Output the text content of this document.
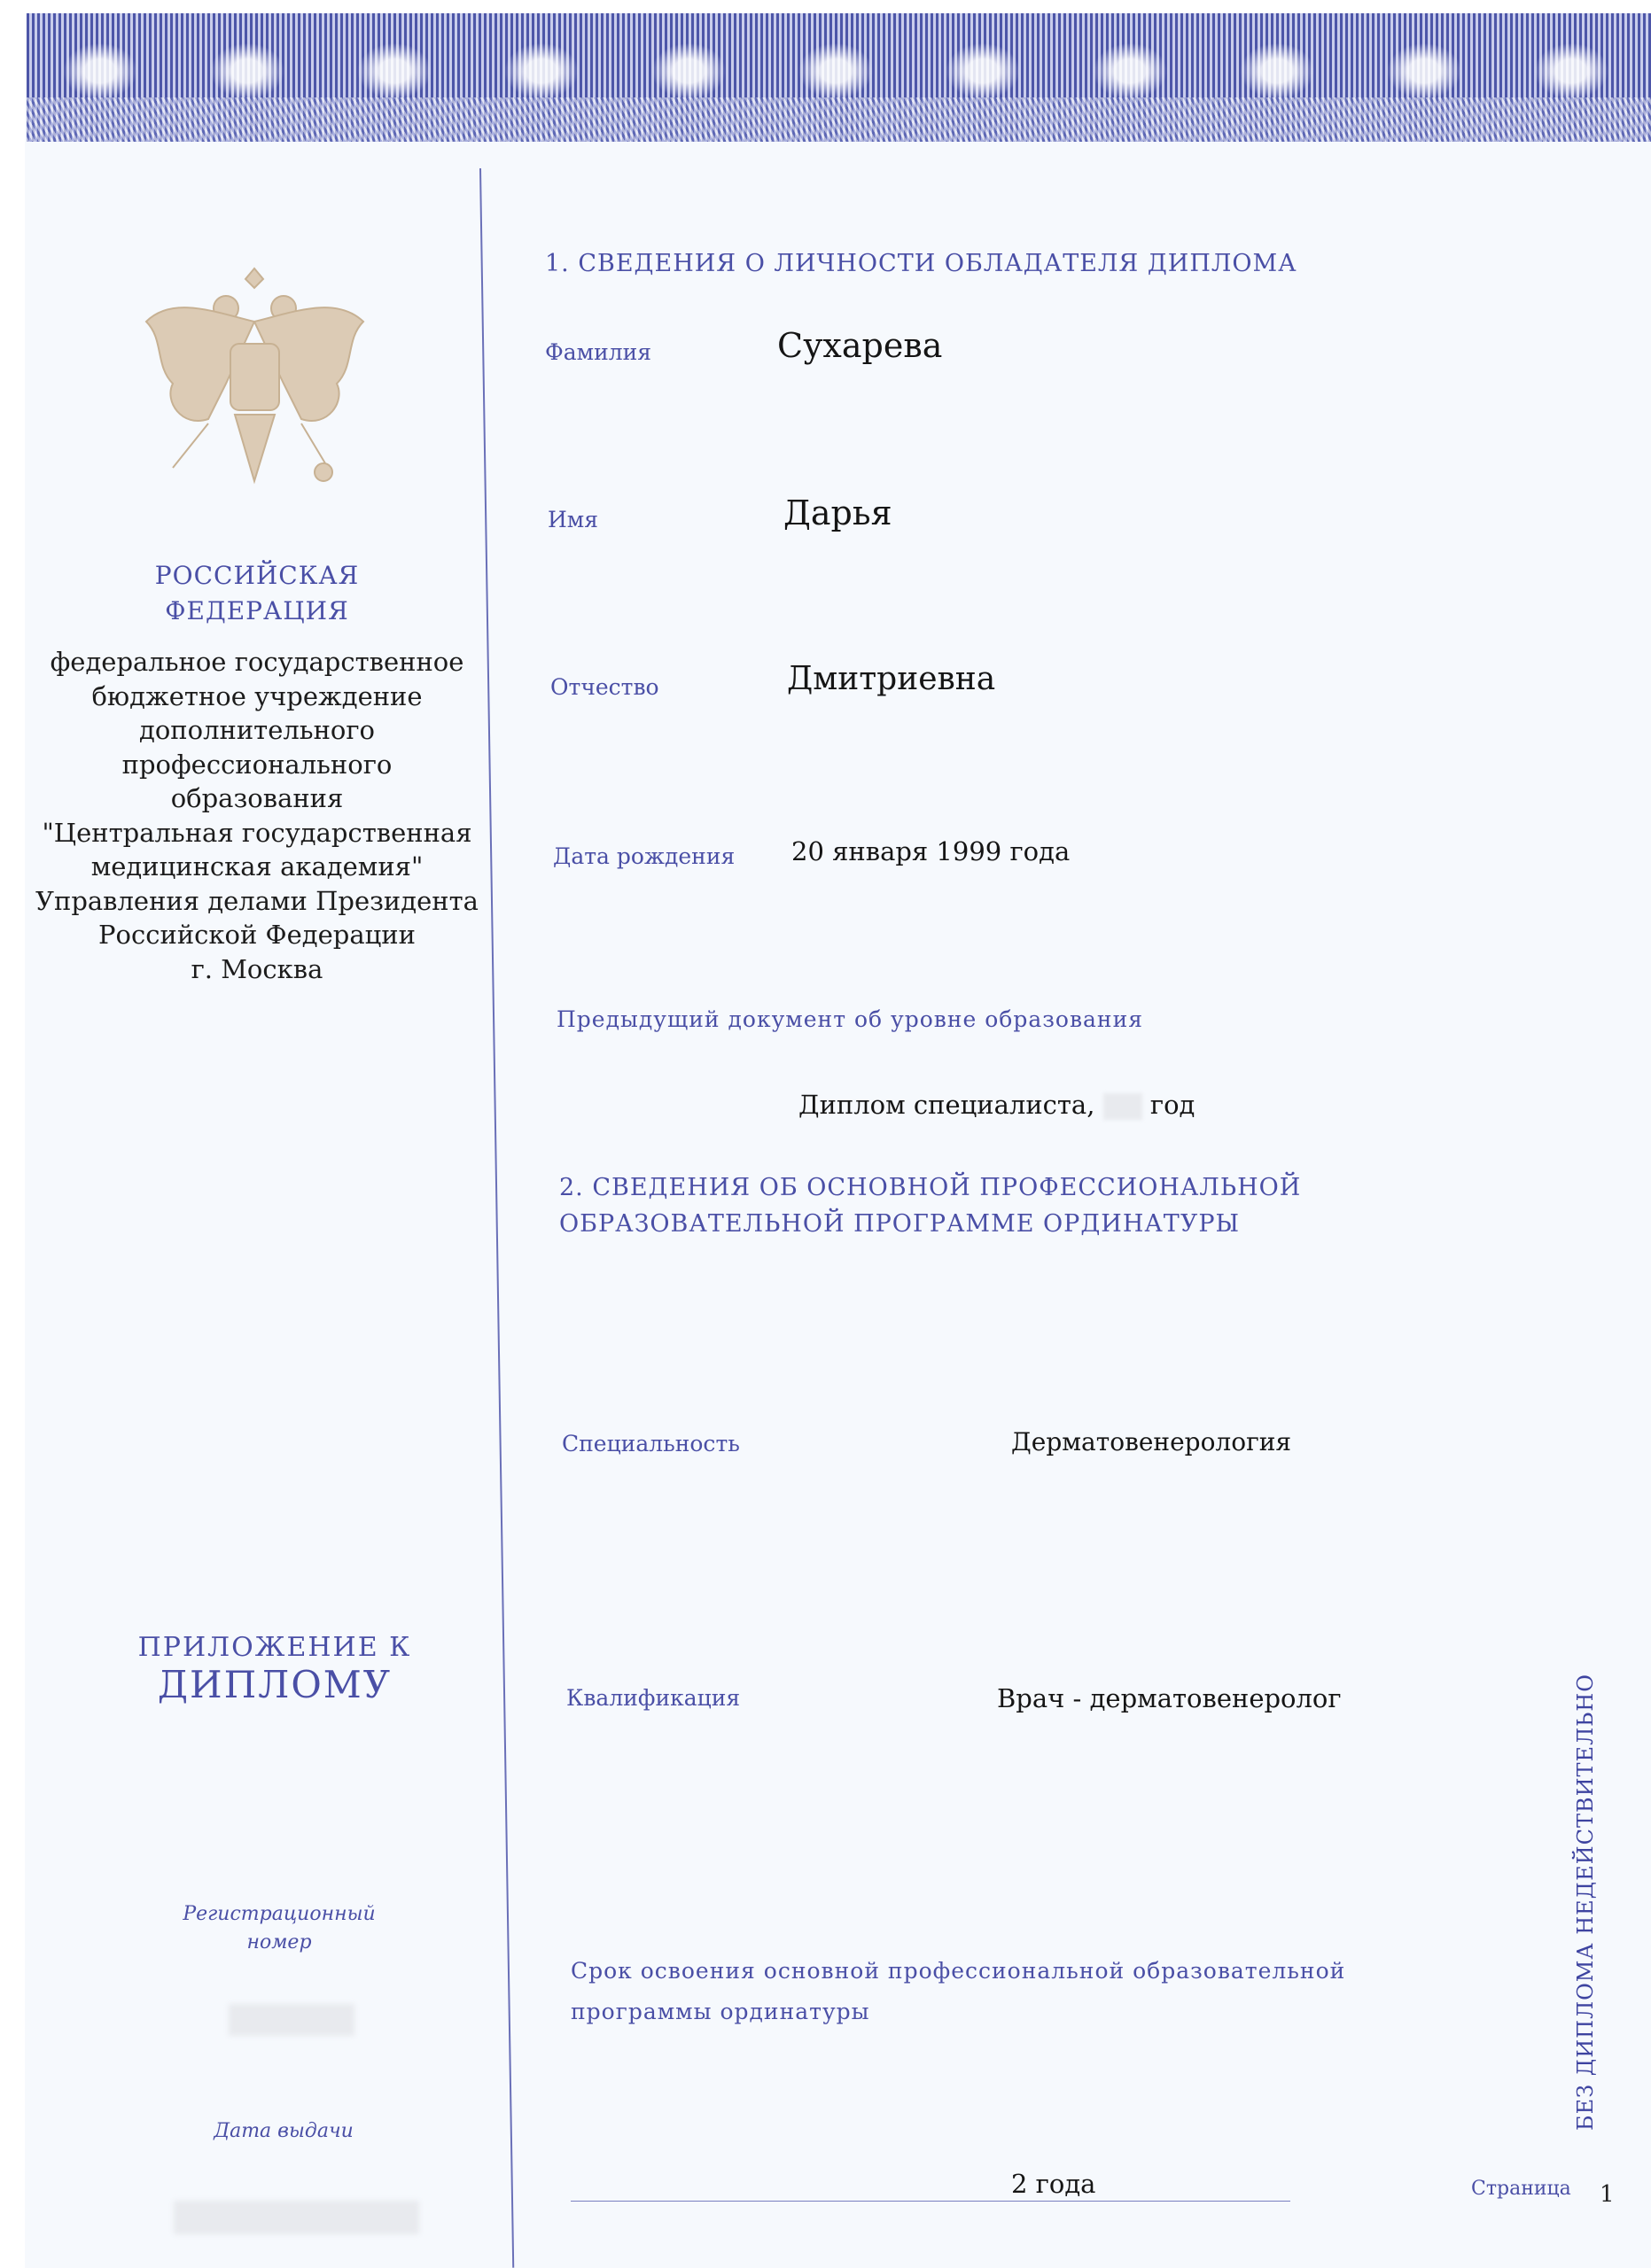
РОССИЙСКАЯ
ФЕДЕРАЦИЯ
федеральное государственное
бюджетное учреждение
дополнительного
профессионального образования
"Центральная государственная
медицинская академия"
Управления делами Президента
Российской Федерации
г. Москва
ПРИЛОЖЕНИЕ К
ДИПЛОМУ
Регистрационный
номер
Дата выдачи
1. СВЕДЕНИЯ О ЛИЧНОСТИ ОБЛАДАТЕЛЯ ДИПЛОМА
Фамилия	Сухарева
Имя	Дарья
Отчество	Дмитриевна
Дата рождения 20 января 1999 года
Предыдущий документ об уровне образования
Диплом специалиста, год
2. СВЕДЕНИЯ ОБ ОСНОВНОЙ ПРОФЕССИОНАЛЬНОЙ
ОБРАЗОВАТЕЛЬНОЙ ПРОГРАММЕ ОРДИНАТУРЫ
Специальность	Дерматовенерология
Квалификация	Врач - дерматовенеролог
Срок освоения основной профессиональной образовательной
программы ординатуры
2 года	Страница 1
БЕЗ ДИПЛОМА НЕДЕЙСТВИТЕЛЬНО
